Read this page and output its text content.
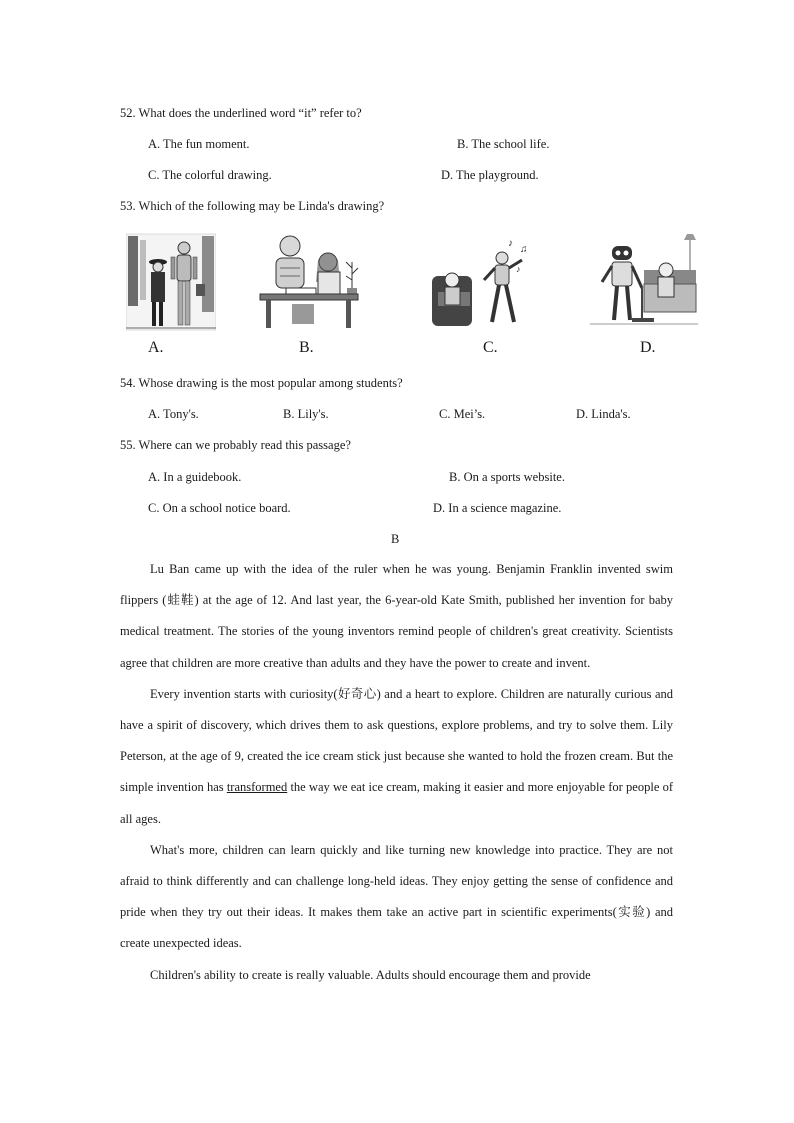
52. What does the underlined word “it” refer to?
A. The fun moment.	B. The school life.
C. The colorful drawing.	D. The playground.
53. Which of the following may be Linda's drawing?
A.	B.
♪
♫
♪
C.	D.
54. Whose drawing is the most popular among students?
A. Tony's.	B. Lily's.	C. Mei’s.	D. Linda's.
55. Where can we probably read this passage?
A. In a guidebook.	B. On a sports website.
C. On a school notice board.	D. In a science magazine.
B

Lu Ban came up with the idea of the ruler when he was young. Benjamin Franklin invented swim flippers (蛙鞋) at the age of 12. And last year, the 6-year-old Kate Smith, published her invention for baby medical treatment. The stories of the young inventors remind people of children's great creativity. Scientists agree that children are more creative than adults and they have the power to create and invent.

Every invention starts with curiosity(好奇心) and a heart to explore. Children are naturally curious and have a spirit of discovery, which drives them to ask questions, explore problems, and try to solve them. Lily Peterson, at the age of 9, created the ice cream stick just because she wanted to hold the frozen cream. But the simple invention has transformed the way we eat ice cream, making it easier and more enjoyable for people of all ages.

What's more, children can learn quickly and like turning new knowledge into practice. They are not afraid to think differently and can challenge long-held ideas. They enjoy getting the sense of confidence and pride when they try out their ideas. It makes them take an active part in scientific experiments(实验) and create unexpected ideas.

Children's ability to create is really valuable. Adults should encourage them and provide
